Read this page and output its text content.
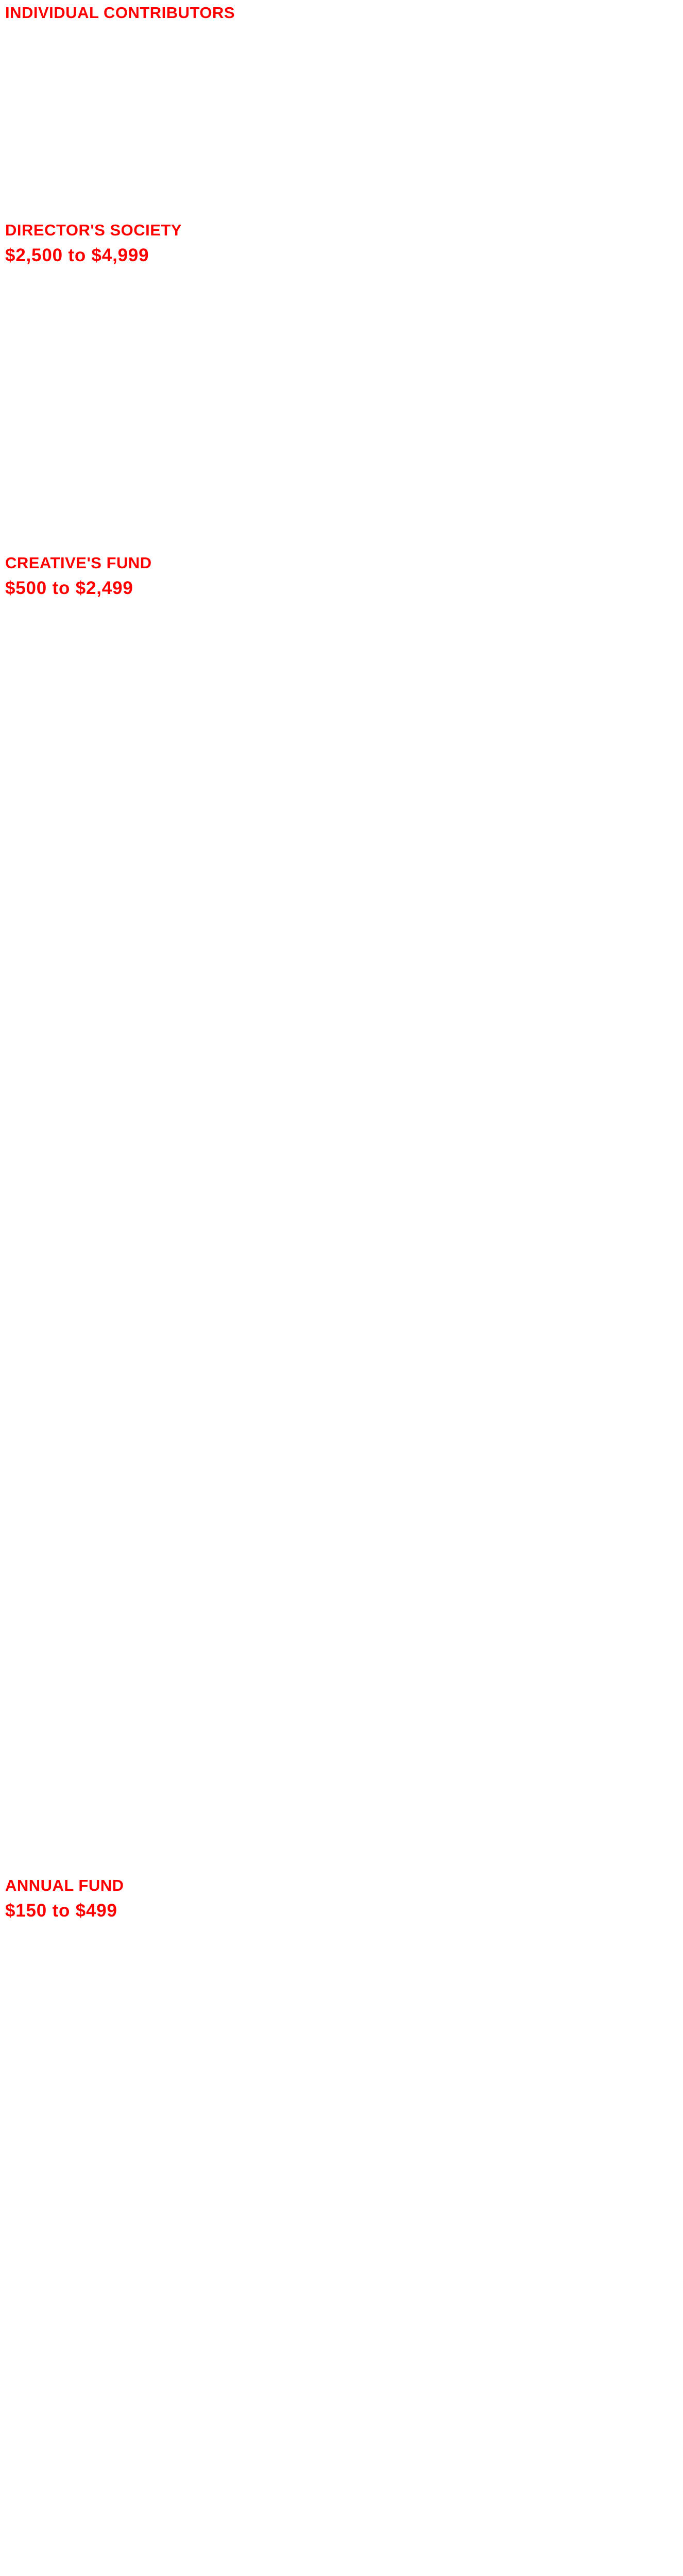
INDIVIDUAL CONTRIBUTORS
DIRECTOR'S SOCIETY
$2,500 to $4,999
CREATIVE'S FUND
$500 to $2,499
ANNUAL FUND
$150 to $499
